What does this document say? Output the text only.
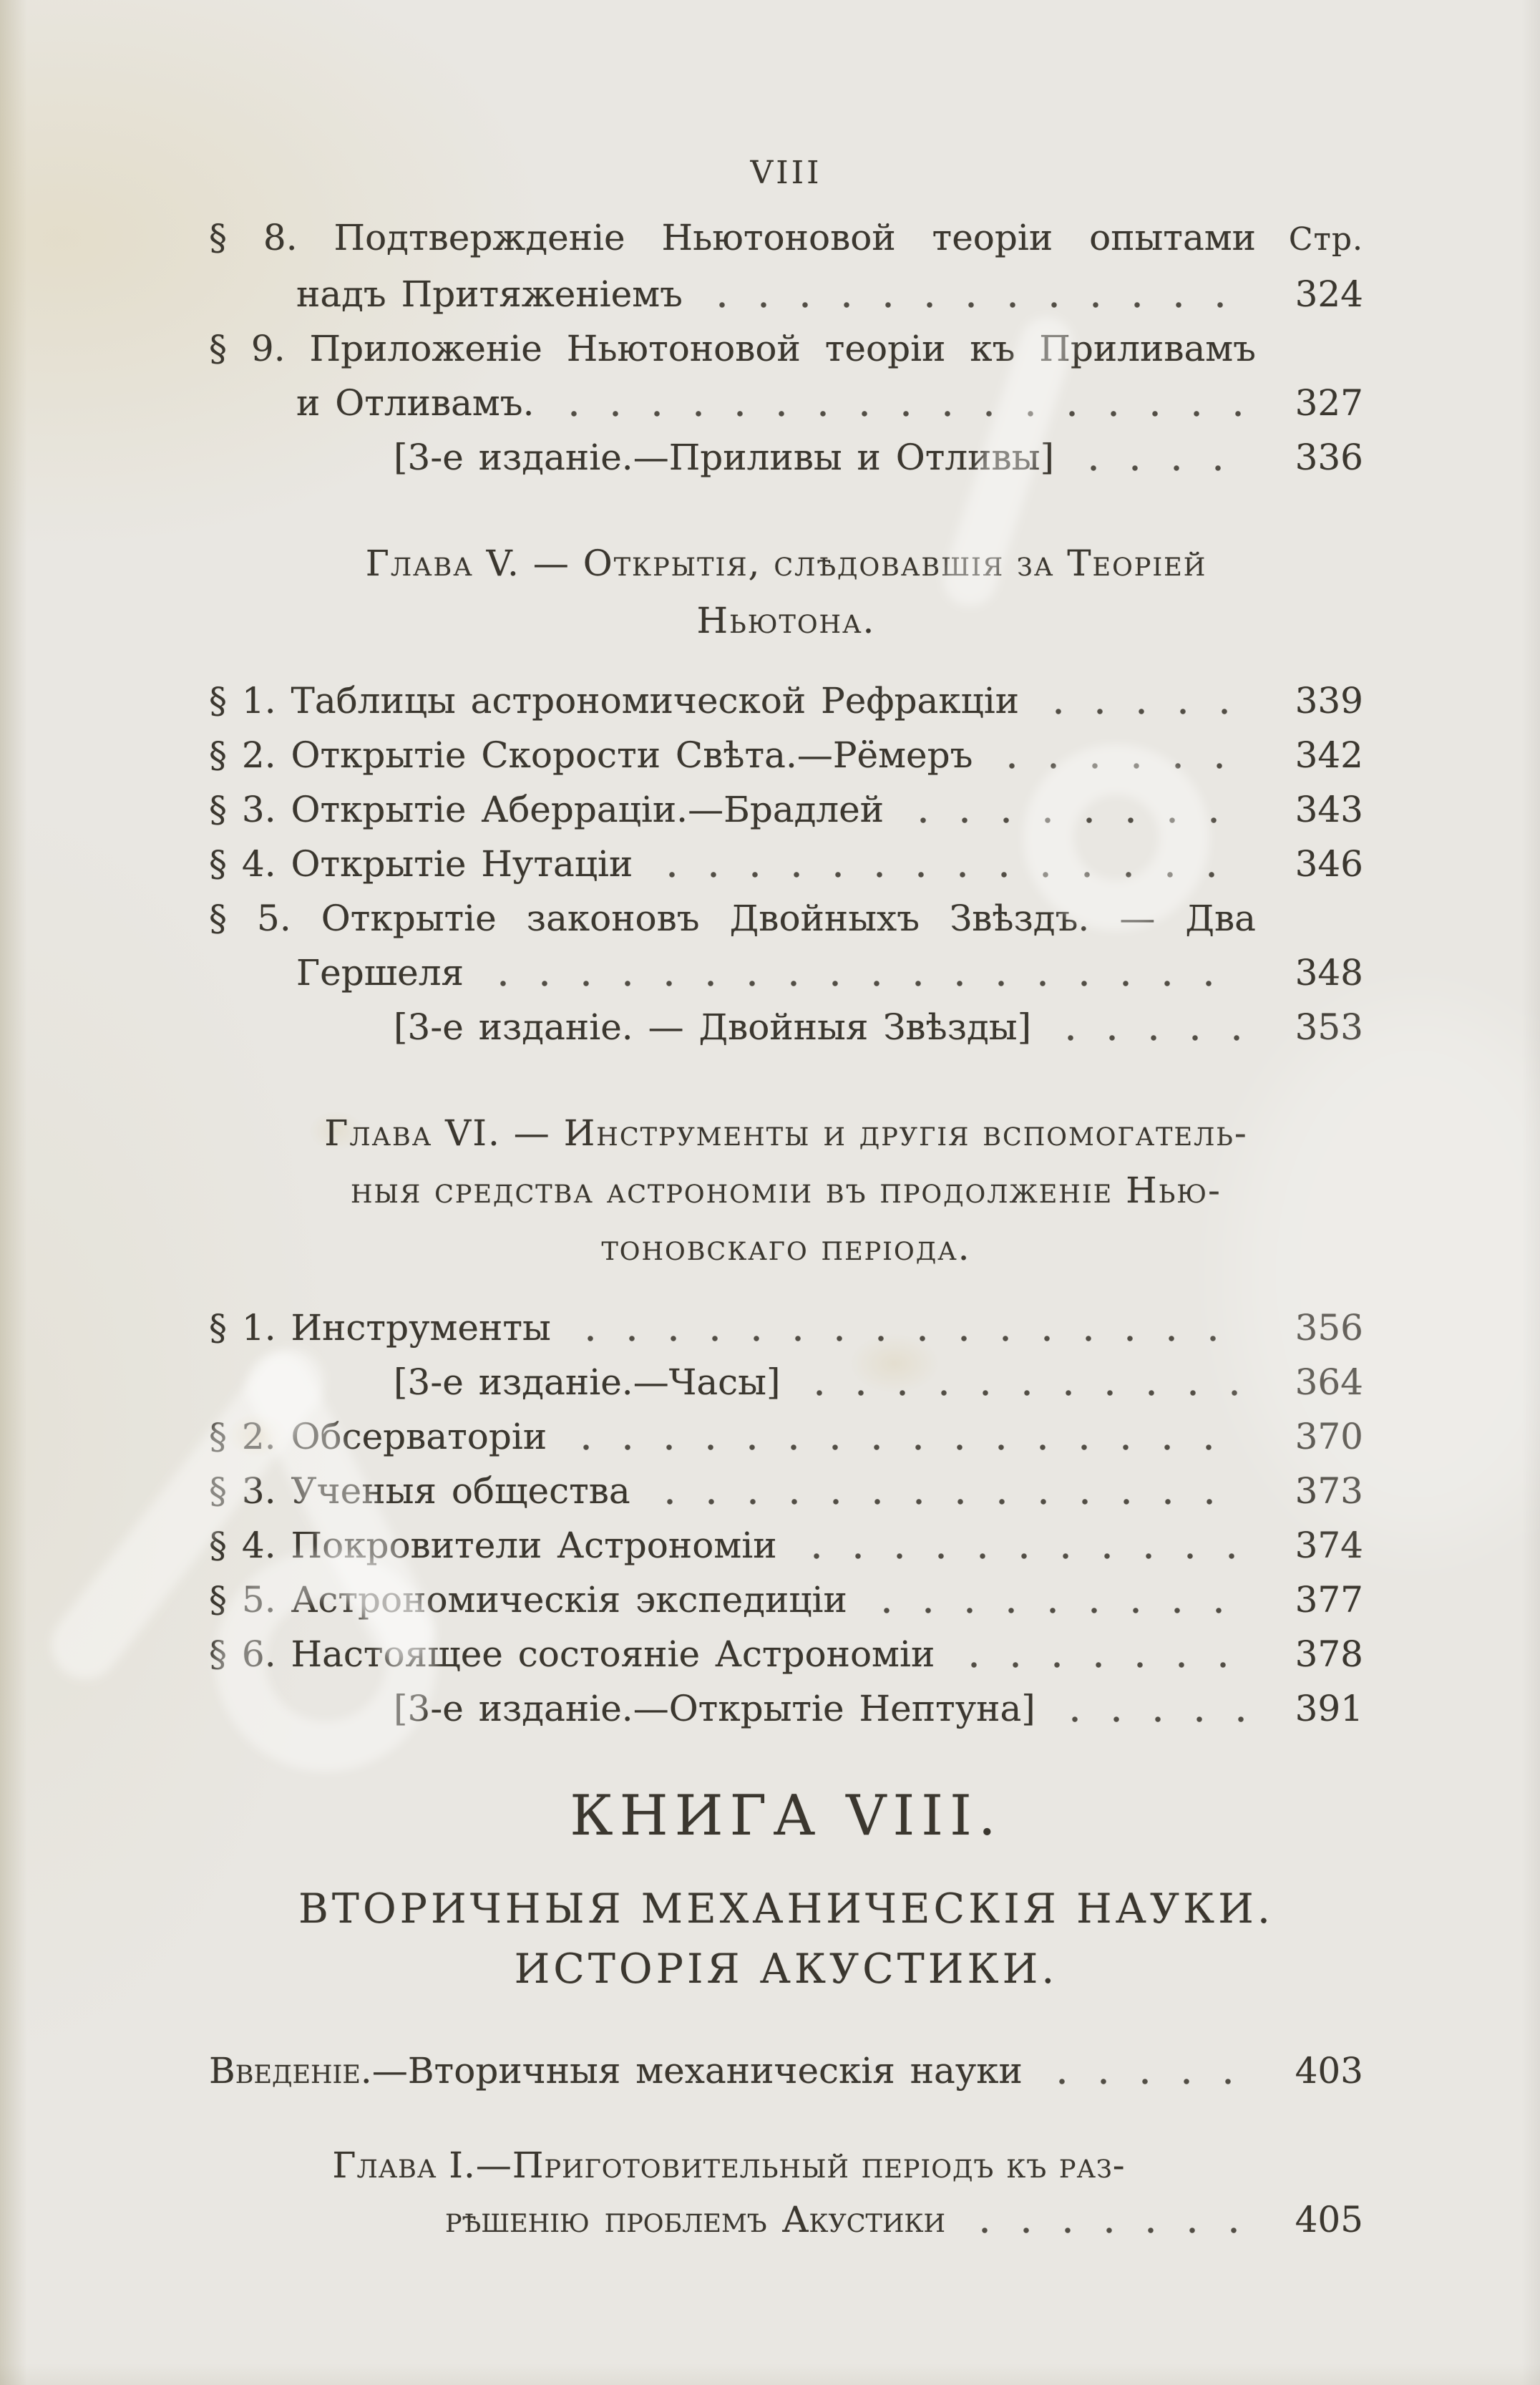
VIII
§ 8. Подтвержденіе Ньютоновой теоріи опытами	Стр.
надъ Притяженіемъ	324
§ 9. Приложеніе Ньютоновой теоріи къ Приливамъ
и Отливамъ.	327
[3-е изданіе.—Приливы и Отливы]	336
Глава V. — Открытія, слѣдовавшія за Теоріей
Ньютона.
§ 1. Таблицы астрономической Рефракціи	339
§ 2. Открытіе Скорости Свѣта.—Рёмеръ	342
§ 3. Открытіе Аберраціи.—Брадлей	343
§ 4. Открытіе Нутаціи	346
§ 5. Открытіе законовъ Двойныхъ Звѣздъ. — Два
Гершеля	348
[3-е изданіе. — Двойныя Звѣзды]	353
Глава VI. — Инструменты и другія вспомогатель-
ныя средства астрономіи въ продолженіе Нью-
тоновскаго періода.
§ 1. Инструменты	356
[3-е изданіе.—Часы]	364
§ 2. Обсерваторіи	370
§ 3. Ученыя общества	373
§ 4. Покровители Астрономіи	374
§ 5. Астрономическія экспедиціи	377
§ 6. Настоящее состояніе Астрономіи	378
[3-е изданіе.—Открытіе Нептуна]	391
КНИГА VIII.
ВТОРИЧНЫЯ МЕХАНИЧЕСКІЯ НАУКИ.
ИСТОРІЯ АКУСТИКИ.
Введеніе.—Вторичныя механическія науки	403
Глава I.—Приготовительный періодъ къ раз-
рѣшенію проблемъ Акустики	405
